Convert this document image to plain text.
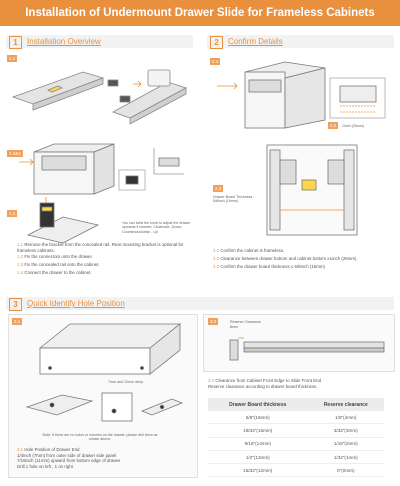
Installation of Undermount Drawer Slide for Frameless Cabinets
1	Installation Overview	2	Confirm Details
1.1
1.3&4
1.2
You can twist the knob to adjust the drawer upwards if needed. Clockwise -Down; Counterclockwise - Up
1.1 Remove the bracket from the concealed rail. Rear mounting bracket is optional for frameless cabinets.
1.2 Fix the connectors onto the drawer.
1.3 Fix the concealed rail onto the cabinet.
1.4 Connect the drawer to the cabinet.
2.1
2.2	1inch (26mm)
2.3
Drawer Board Thickness :
5/8inch (16mm)
2.1 Confirm the cabinet is frameless.
2.2 Clearance between drawer bottom and cabinet bottom ≥1inch (26mm)
2.3 Confirm the drawer board thickness ≤ 5/8inch (16mm)
3	Quick Identify Hole Position
3.1
7mm and 12mm deep
Note: If there are no holes or notches on the drawer, please drill them as shown above.
3.1 Hole Position of Drawer End
1/4inch (7mm) from outer side of drawer side panel
7/16inch (11mm) upward from bottom edge of drawer
Drill 1 hole on left , 1 on right
3.2	Reserve Clearance
8mm
3.2 Clearance from Cabinet Front Edge to Slide Front End
Reserve clearance according to drawer board thickness.
Drawer Board thickness	Reserve clearance
5/8"(16mm)	1/8"(4mm)
19/32"(15mm)	3/32"(3mm)
9/16"(14mm)	1/16"(2mm)
1/2"(13mm)	1/32"(1mm)
15/32"(12mm)	0"(0mm)
